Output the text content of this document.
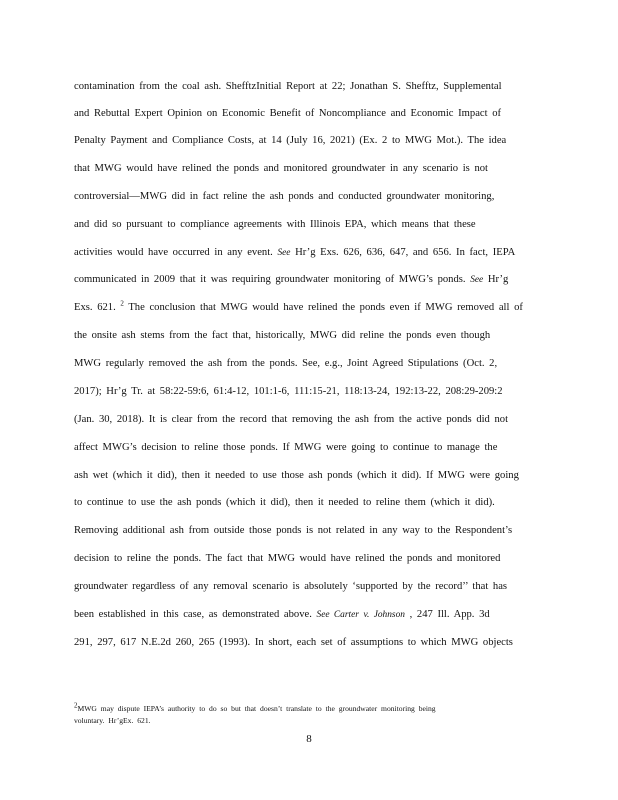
contamination from the coal ash. ShefftzInitial Report at 22; Jonathan S. Shefftz, Supplemental
and Rebuttal Expert Opinion on Economic Benefit of Noncompliance and Economic Impact of
Penalty Payment and Compliance Costs, at 14 (July 16, 2021) (Ex. 2 to MWG Mot.). The idea
that MWG would have relined the ponds and monitored groundwater in any scenario is not
controversial—MWG did in fact reline the ash ponds and conducted groundwater monitoring,
and did so pursuant to compliance agreements with Illinois EPA, which means that these
activities would have occurred in any event. See Hr’g Exs. 626, 636, 647, and 656. In fact, IEPA
communicated in 2009 that it was requiring groundwater monitoring of MWG’s ponds. See Hr’g
Exs. 621. $^2$ The conclusion that MWG would have relined the ponds even if MWG removed all of
the onsite ash stems from the fact that, historically, MWG did reline the ponds even though
MWG regularly removed the ash from the ponds. See, e.g., Joint Agreed Stipulations (Oct. 2,
2017); Hr’g Tr. at 58:22-59:6, 61:4-12, 101:1-6, 111:15-21, 118:13-24, 192:13-22, 208:29-209:2
(Jan. 30, 2018). It is clear from the record that removing the ash from the active ponds did not
affect MWG’s decision to reline those ponds. If MWG were going to continue to manage the
ash wet (which it did), then it needed to use those ash ponds (which it did). If MWG were going
to continue to use the ash ponds (which it did), then it needed to reline them (which it did).
Removing additional ash from outside those ponds is not related in any way to the Respondent’s
decision to reline the ponds. The fact that MWG would have relined the ponds and monitored
groundwater regardless of any removal scenario is absolutely ‘supported by the record’’ that has
been established in this case, as demonstrated above. See Carter v. Johnson , 247 Ill. App. 3d
291, 297, 617 N.E.2d 260, 265 (1993). In short, each set of assumptions to which MWG objects
2MWG may dispute IEPA’s authority to do so but that doesn’t translate to the groundwater monitoring being
voluntary. Hr’gEx. 621.
8
